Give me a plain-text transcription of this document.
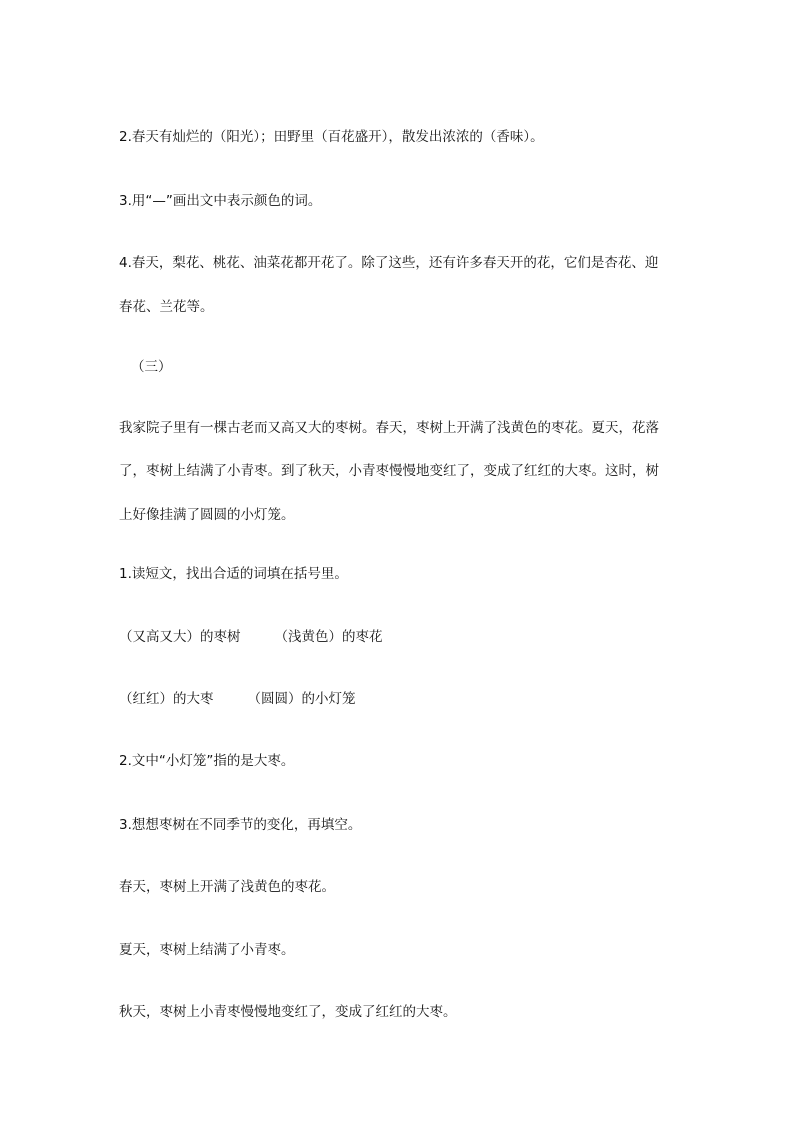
2.春天有灿烂的（阳光）；田野里（百花盛开），散发出浓浓的（香味）。
3.用“—”画出文中表示颜色的词。
4.春天，梨花、桃花、油菜花都开花了。除了这些，还有许多春天开的花，它们是杏花、迎
春花、兰花等。
（三）
我家院子里有一棵古老而又高又大的枣树。春天，枣树上开满了浅黄色的枣花。夏天，花落
了，枣树上结满了小青枣。到了秋天，小青枣慢慢地变红了，变成了红红的大枣。这时，树
上好像挂满了圆圆的小灯笼。
1.读短文，找出合适的词填在括号里。
（又高又大）的枣树	（浅黄色）的枣花
（红红）的大枣	（圆圆）的小灯笼
2.文中“小灯笼”指的是大枣。
3.想想枣树在不同季节的变化，再填空。
春天，枣树上开满了浅黄色的枣花。
夏天，枣树上结满了小青枣。
秋天，枣树上小青枣慢慢地变红了，变成了红红的大枣。
